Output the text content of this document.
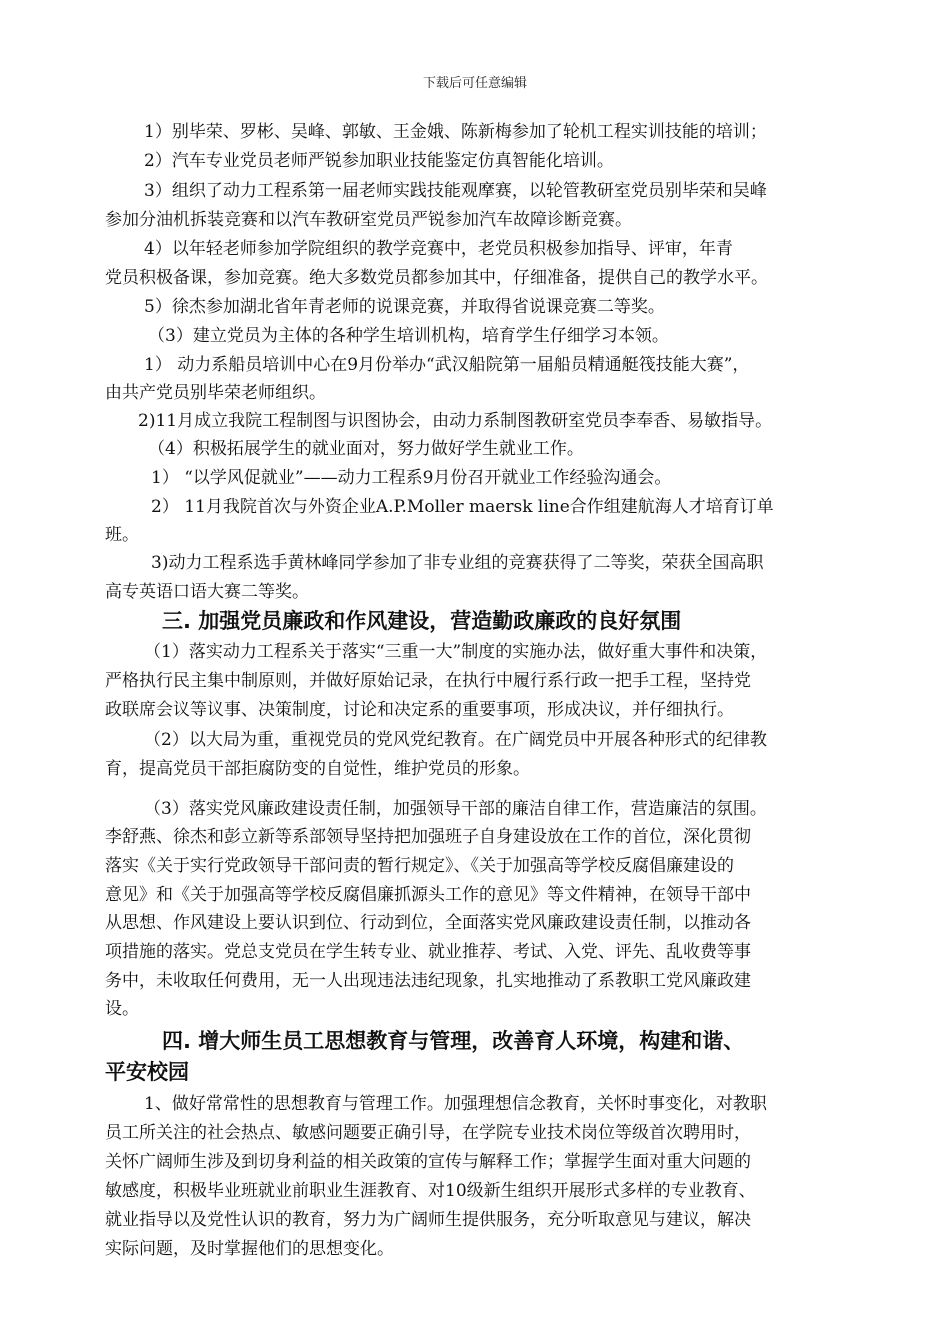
下载后可任意编辑
1）别毕荣、罗彬、吴峰、郭敏、王金娥、陈新梅参加了轮机工程实训技能的培训；
2）汽车专业党员老师严锐参加职业技能鉴定仿真智能化培训。
3）组织了动力工程系第一届老师实践技能观摩赛，以轮管教研室党员别毕荣和吴峰
参加分油机拆装竞赛和以汽车教研室党员严锐参加汽车故障诊断竞赛。
4）以年轻老师参加学院组织的教学竞赛中，老党员积极参加指导、评审，年青
党员积极备课，参加竞赛。绝大多数党员都参加其中，仔细准备，提供自己的教学水平。
5）徐杰参加湖北省年青老师的说课竞赛，并取得省说课竞赛二等奖。
（3）建立党员为主体的各种学生培训机构，培育学生仔细学习本领。
1） 动力系船员培训中心在9月份举办“武汉船院第一届船员精通艇筏技能大赛”，
由共产党员别毕荣老师组织。
2)11月成立我院工程制图与识图协会，由动力系制图教研室党员李奉香、易敏指导。
（4）积极拓展学生的就业面对，努力做好学生就业工作。
1） “以学风促就业”——动力工程系9月份召开就业工作经验沟通会。
2） 11月我院首次与外资企业A.P.Moller maersk line合作组建航海人才培育订单
班。
3)动力工程系选手黄林峰同学参加了非专业组的竞赛获得了二等奖，荣获全国高职
高专英语口语大赛二等奖。
三. 加强党员廉政和作风建设，营造勤政廉政的良好氛围
（1）落实动力工程系关于落实“三重一大”制度的实施办法，做好重大事件和决策，
严格执行民主集中制原则，并做好原始记录，在执行中履行系行政一把手工程，坚持党
政联席会议等议事、决策制度，讨论和决定系的重要事项，形成决议，并仔细执行。
（2）以大局为重，重视党员的党风党纪教育。在广阔党员中开展各种形式的纪律教
育，提高党员干部拒腐防变的自觉性，维护党员的形象。
（3）落实党风廉政建设责任制，加强领导干部的廉洁自律工作，营造廉洁的氛围。
李舒燕、徐杰和彭立新等系部领导坚持把加强班子自身建设放在工作的首位，深化贯彻
落实《关于实行党政领导干部问责的暂行规定》、《关于加强高等学校反腐倡廉建设的
意见》和《关于加强高等学校反腐倡廉抓源头工作的意见》等文件精神，在领导干部中
从思想、作风建设上要认识到位、行动到位，全面落实党风廉政建设责任制，以推动各
项措施的落实。党总支党员在学生转专业、就业推荐、考试、入党、评先、乱收费等事
务中，未收取任何费用，无一人出现违法违纪现象，扎实地推动了系教职工党风廉政建
设。
四. 增大师生员工思想教育与管理，改善育人环境，构建和谐、
平安校园
1、做好常常性的思想教育与管理工作。加强理想信念教育，关怀时事变化，对教职
员工所关注的社会热点、敏感问题要正确引导，在学院专业技术岗位等级首次聘用时，
关怀广阔师生涉及到切身利益的相关政策的宣传与解释工作；掌握学生面对重大问题的
敏感度，积极毕业班就业前职业生涯教育、对10级新生组织开展形式多样的专业教育、
就业指导以及党性认识的教育，努力为广阔师生提供服务，充分听取意见与建议，解决
实际问题，及时掌握他们的思想变化。
